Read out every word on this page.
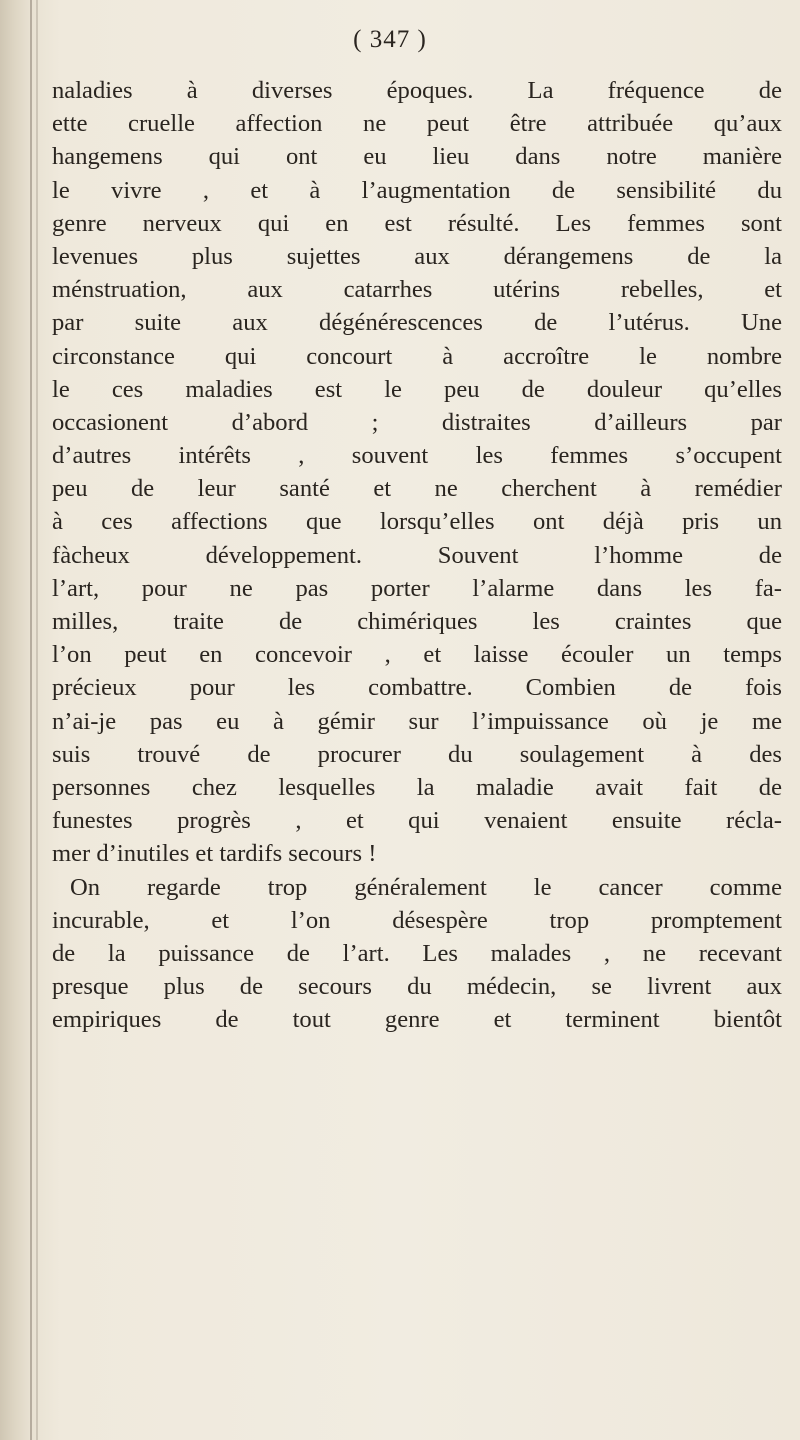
( 347 )
naladies à diverses époques. La fréquence de
ette cruelle affection ne peut être attribuée qu’aux
hangemens qui ont eu lieu dans notre manière
le vivre , et à l’augmentation de sensibilité du
genre nerveux qui en est résulté. Les femmes sont
levenues plus sujettes aux dérangemens de la
ménstruation, aux catarrhes utérins rebelles, et
par suite aux dégénérescences de l’utérus. Une
circonstance qui concourt à accroître le nombre
le ces maladies est le peu de douleur qu’elles
occasionent d’abord ; distraites d’ailleurs par
d’autres intérêts , souvent les femmes s’occupent
peu de leur santé et ne cherchent à remédier
à ces affections que lorsqu’elles ont déjà pris un
fàcheux développement. Souvent l’homme de
l’art, pour ne pas porter l’alarme dans les fa-
milles, traite de chimériques les craintes que
l’on peut en concevoir , et laisse écouler un temps
précieux pour les combattre. Combien de fois
n’ai-je pas eu à gémir sur l’impuissance où je me
suis trouvé de procurer du soulagement à des
personnes chez lesquelles la maladie avait fait de
funestes progrès , et qui venaient ensuite récla-
mer d’inutiles et tardifs secours !
On regarde trop généralement le cancer comme
incurable, et l’on désespère trop promptement
de la puissance de l’art. Les malades , ne recevant
presque plus de secours du médecin, se livrent aux
empiriques de tout genre et terminent bientôt
